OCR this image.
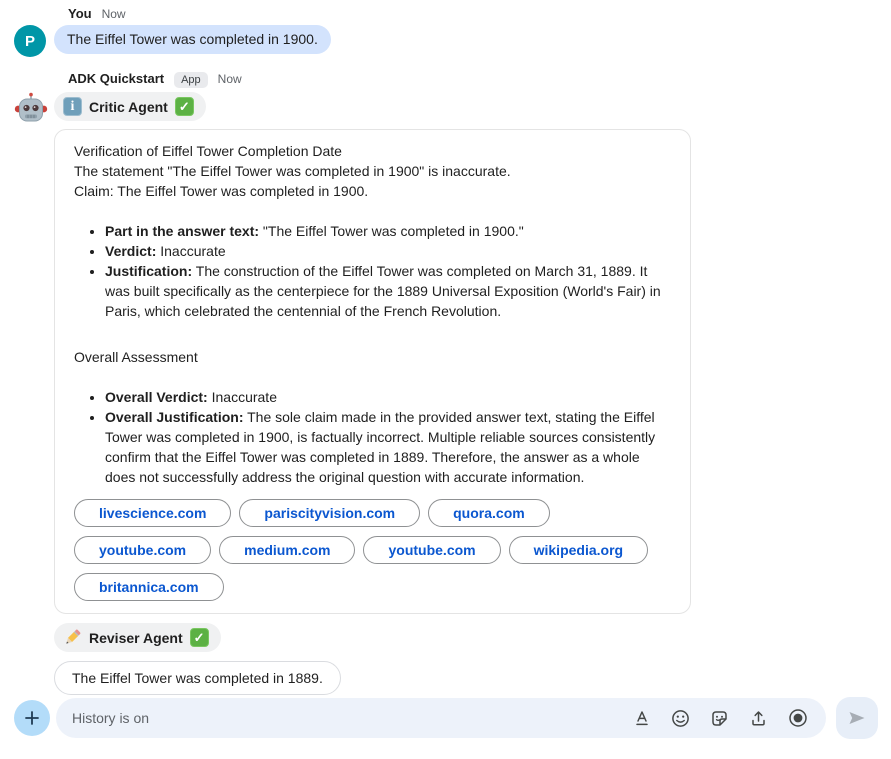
You Now
P	The Eiffel Tower was completed in 1900.
ADK Quickstart	App	Now
i	Critic Agent ✓

Verification of Eiffel Tower Completion Date

The statement "The Eiffel Tower was completed in 1900" is inaccurate.

Claim: The Eiffel Tower was completed in 1900.

• Part in the answer text: "The Eiffel Tower was completed in 1900."
• Verdict: Inaccurate
• Justification: The construction of the Eiffel Tower was completed on March 31, 1889. It was built specifically as the centerpiece for the 1889 Universal Exposition (World's Fair) in Paris, which celebrated the centennial of the French Revolution.

Overall Assessment

• Overall Verdict: Inaccurate
• Overall Justification: The sole claim made in the provided answer text, stating the Eiffel Tower was completed in 1900, is factually incorrect. Multiple reliable sources consistently confirm that the Eiffel Tower was completed in 1889. Therefore, the answer as a whole does not successfully address the original question with accurate information.
livescience.com	pariscityvision.com	quora.com
youtube.com	medium.com	youtube.com	wikipedia.org
britannica.com
Reviser Agent ✓
The Eiffel Tower was completed in 1889.
History is on
